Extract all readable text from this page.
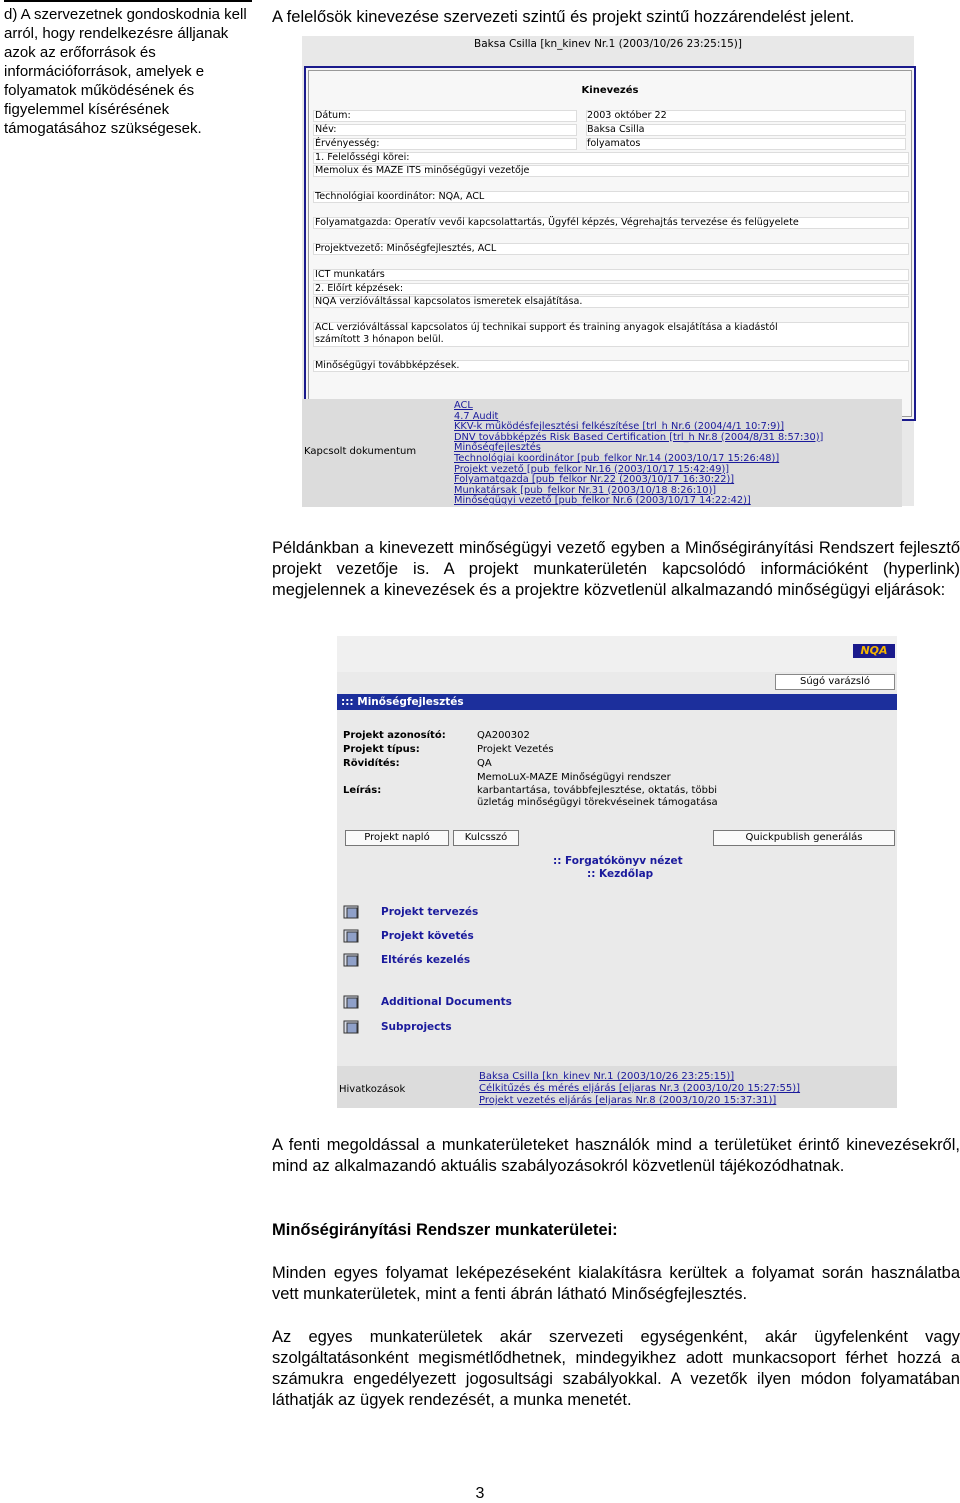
d) A szervezetnek gondoskodnia kell arról, hogy rendelkezésre álljanak azok az erőforrások és információforrások, amelyek e folyamatok működésének és figyelemmel kísérésének támogatásához szükségesek.

A felelősök kinevezése szervezeti szintű és projekt szintű hozzárendelést jelent.

Baksa Csilla [kn_kinev Nr.1 (2003/10/26 23:25:15)]
Kinevezés
Dátum:	2003 október 22
Név:	Baksa Csilla
Érvényesség:	folyamatos
1. Felelősségi körei:
Memolux és MAZE ITS minőségügyi vezetője
Technológiai koordinátor: NQA, ACL
Folyamatgazda: Operatív vevői kapcsolattartás, Ügyfél képzés, Végrehajtás tervezése és felügyelete
Projektvezető: Minőségfejlesztés, ACL
ICT munkatárs
2. Előírt képzések:
NQA verzióváltással kapcsolatos ismeretek elsajátítása.
ACL verzióváltással kapcsolatos új technikai support és training anyagok elsajátítása a kiadástól
számított 3 hónapon belül.
Minőségügyi továbbképzések.
Kapcsolt dokumentum
ACL
4.7 Audit
KKV-k működésfejlesztési felkészítése [trl_h Nr.6 (2004/4/1 10:7:9)]
DNV továbbképzés Risk Based Certification [trl_h Nr.8 (2004/8/31 8:57:30)]
Minőségfejlesztés
Technológiai koordinátor [pub_felkor Nr.14 (2003/10/17 15:26:48)]
Projekt vezető [pub_felkor Nr.16 (2003/10/17 15:42:49)]
Folyamatgazda [pub_felkor Nr.22 (2003/10/17 16:30:22)]
Munkatársak [pub_felkor Nr.31 (2003/10/18 8:26:10)]
Minőségügyi vezető [pub_felkor Nr.6 (2003/10/17 14:22:42)]

Példánkban a kinevezett minőségügyi vezető egyben a Minőségirányítási Rendszert fejlesztő projekt vezetője is. A projekt munkaterületén kapcsolódó információként (hyperlink) megjelennek a kinevezések és a projektre közvetlenül alkalmazandó minőségügyi eljárások:

NQA
Súgó varázsló
::: Minőségfejlesztés
Projekt azonosító:	QA200302
Projekt típus:	Projekt Vezetés
Rövidítés:	QA
MemoLuX-MAZE Minőségügyi rendszer
Leírás:	karbantartása, továbbfejlesztése, oktatás, többi
üzletág minőségügyi törekvéseinek támogatása
Projekt napló	Kulcsszó	Quickpublish generálás
:: Forgatókönyv nézet
:: Kezdőlap
Projekt tervezés
Projekt követés
Eltérés kezelés
Additional Documents
Subprojects
Hivatkozások
Baksa Csilla [kn_kinev Nr.1 (2003/10/26 23:25:15)]
Célkitűzés és mérés eljárás [eljaras Nr.3 (2003/10/20 15:27:55)]
Projekt vezetés eljárás [eljaras Nr.8 (2003/10/20 15:37:31)]

A fenti megoldással a munkaterületeket használók mind a területüket érintő kinevezésekről, mind az alkalmazandó aktuális szabályozásokról közvetlenül tájékozódhatnak.

Minőségirányítási Rendszer munkaterületei:

Minden egyes folyamat leképezéseként kialakításra kerültek a folyamat során használatba vett munkaterületek, mint a fenti ábrán látható Minőségfejlesztés.

Az egyes munkaterületek akár szervezeti egységenként, akár ügyfelenként vagy szolgáltatásonként megismétlődhetnek, mindegyikhez adott munkacsoport férhet hozzá a számukra engedélyezett jogosultsági szabályokkal. A vezetők ilyen módon folyamatában láthatják az ügyek rendezését, a munka menetét.

3
